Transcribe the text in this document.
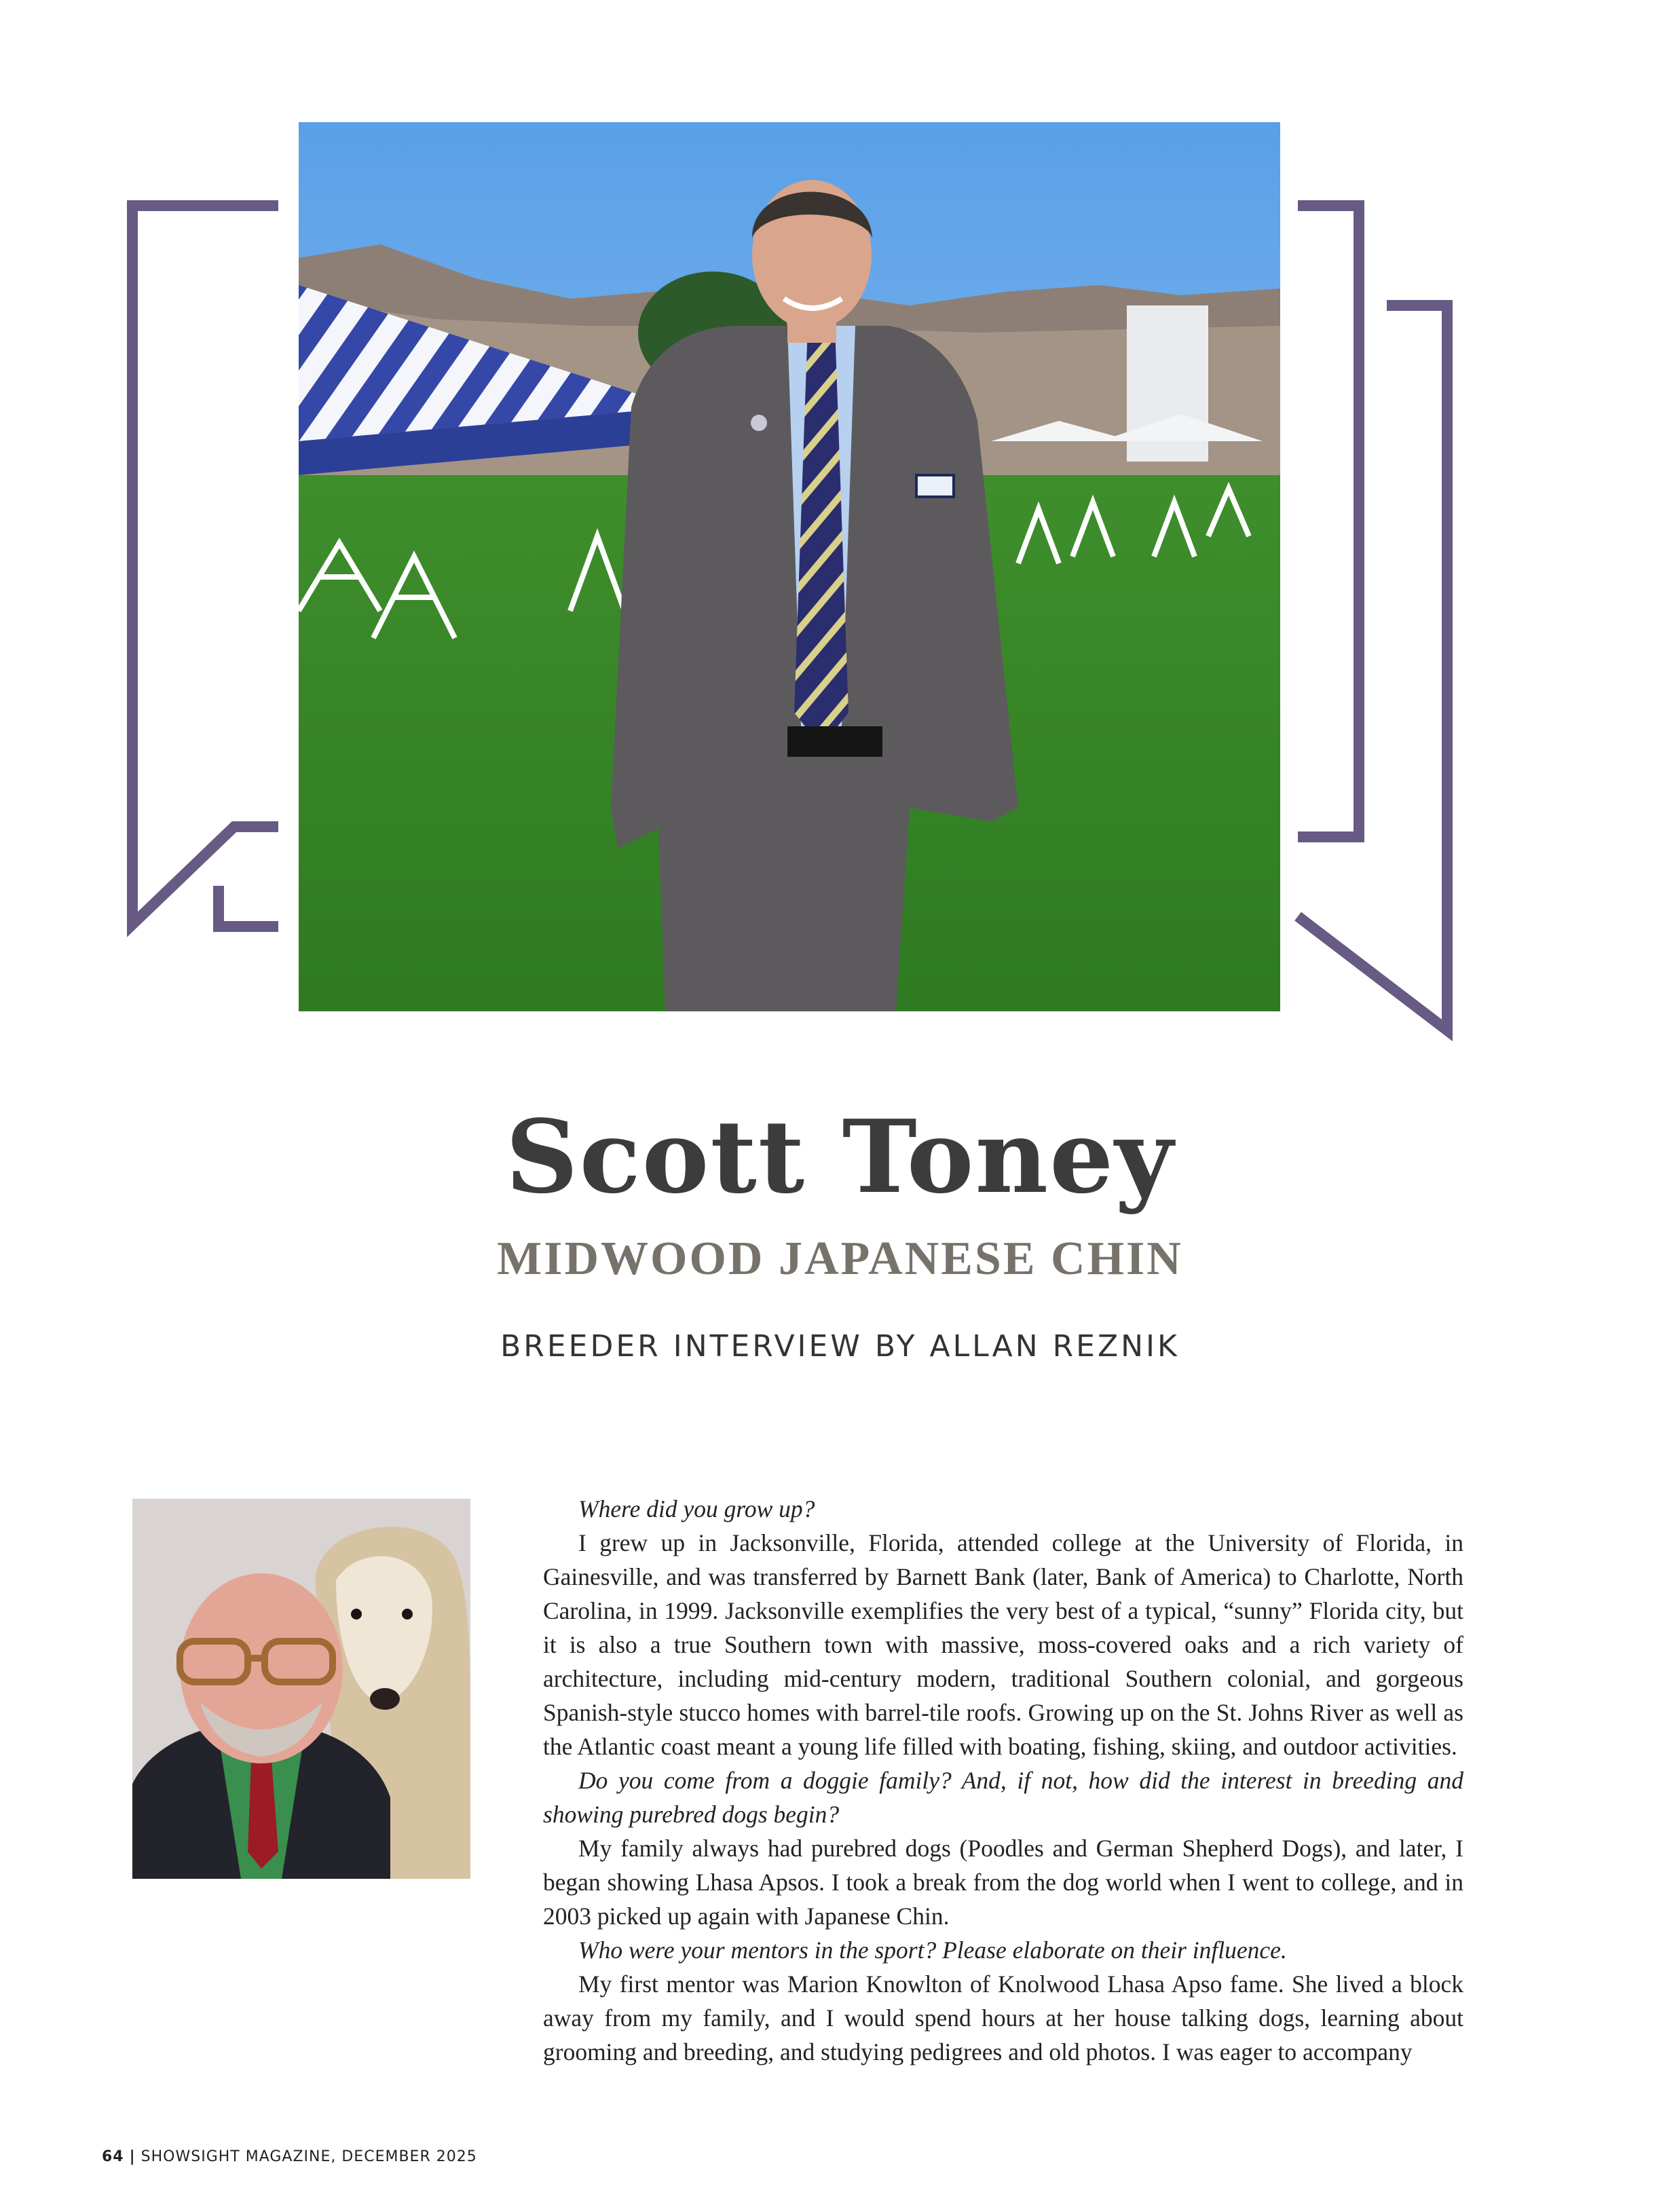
Scott Toney
MIDWOOD JAPANESE CHIN
BREEDER INTERVIEW BY ALLAN REZNIK

Where did you grow up?

I grew up in Jacksonville, Florida, attended college at the University of Florida, in Gainesville, and was transferred by Barnett Bank (later, Bank of America) to Charlotte, North Carolina, in 1999. Jacksonville exemplifies the very best of a typical, “sunny” Florida city, but it is also a true Southern town with massive, moss-covered oaks and a rich variety of architecture, including mid-century modern, traditional Southern colonial, and gorgeous Spanish-style stucco homes with barrel-tile roofs. Growing up on the St. Johns River as well as the Atlantic coast meant a young life filled with boating, fishing, skiing, and outdoor activities.

Do you come from a doggie family? And, if not, how did the interest in breeding and showing purebred dogs begin?

My family always had purebred dogs (Poodles and German Shepherd Dogs), and later, I began showing Lhasa Apsos. I took a break from the dog world when I went to college, and in 2003 picked up again with Japanese Chin.

Who were your mentors in the sport? Please elaborate on their influence.

My first mentor was Marion Knowlton of Knolwood Lhasa Apso fame. She lived a block away from my family, and I would spend hours at her house talking dogs, learning about grooming and breeding, and studying pedigrees and old photos. I was eager to accompany

64 | SHOWSIGHT MAGAZINE, DECEMBER 2025
